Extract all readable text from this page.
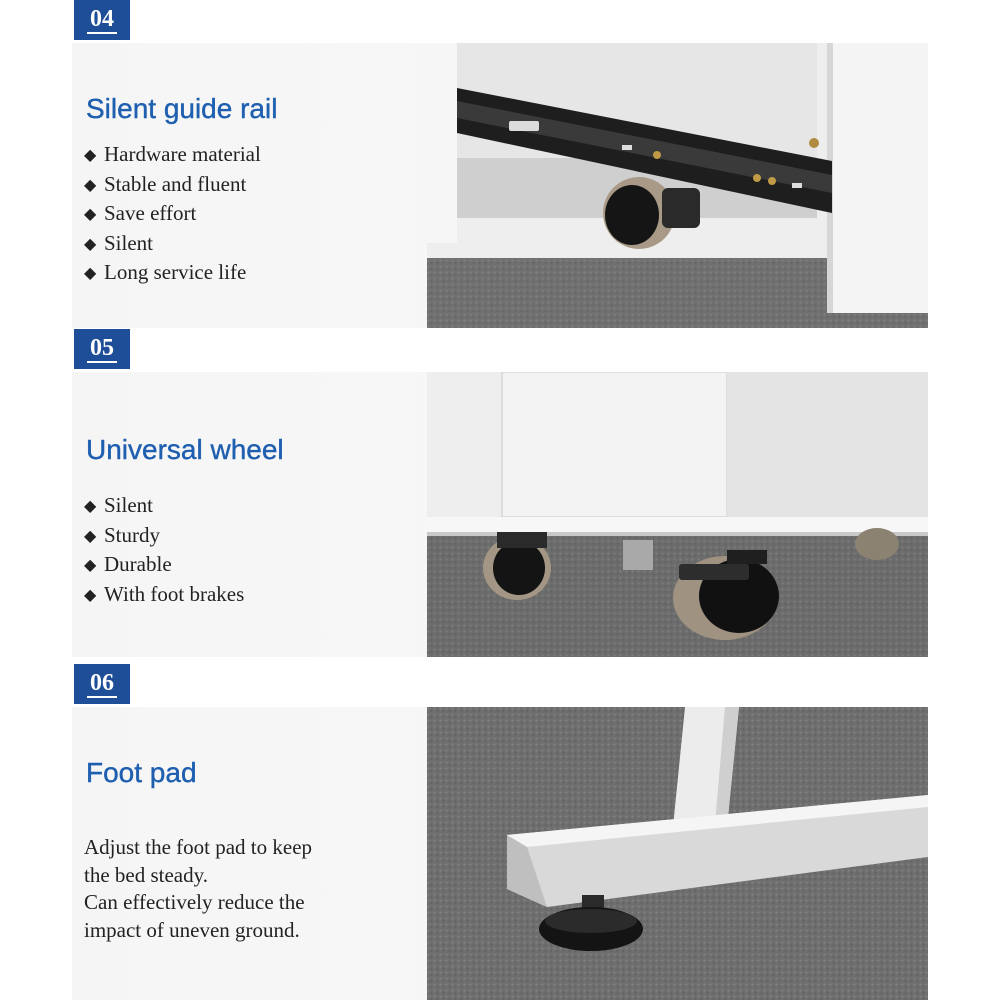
04
Silent guide rail
◆ Hardware material
◆ Stable and fluent
◆ Save effort
◆ Silent
◆ Long service life
05
Universal wheel
◆ Silent
◆ Sturdy
◆ Durable
◆ With foot brakes
06
Foot pad

Adjust the foot pad to keep

the bed steady.

Can effectively reduce the

impact of uneven ground.
